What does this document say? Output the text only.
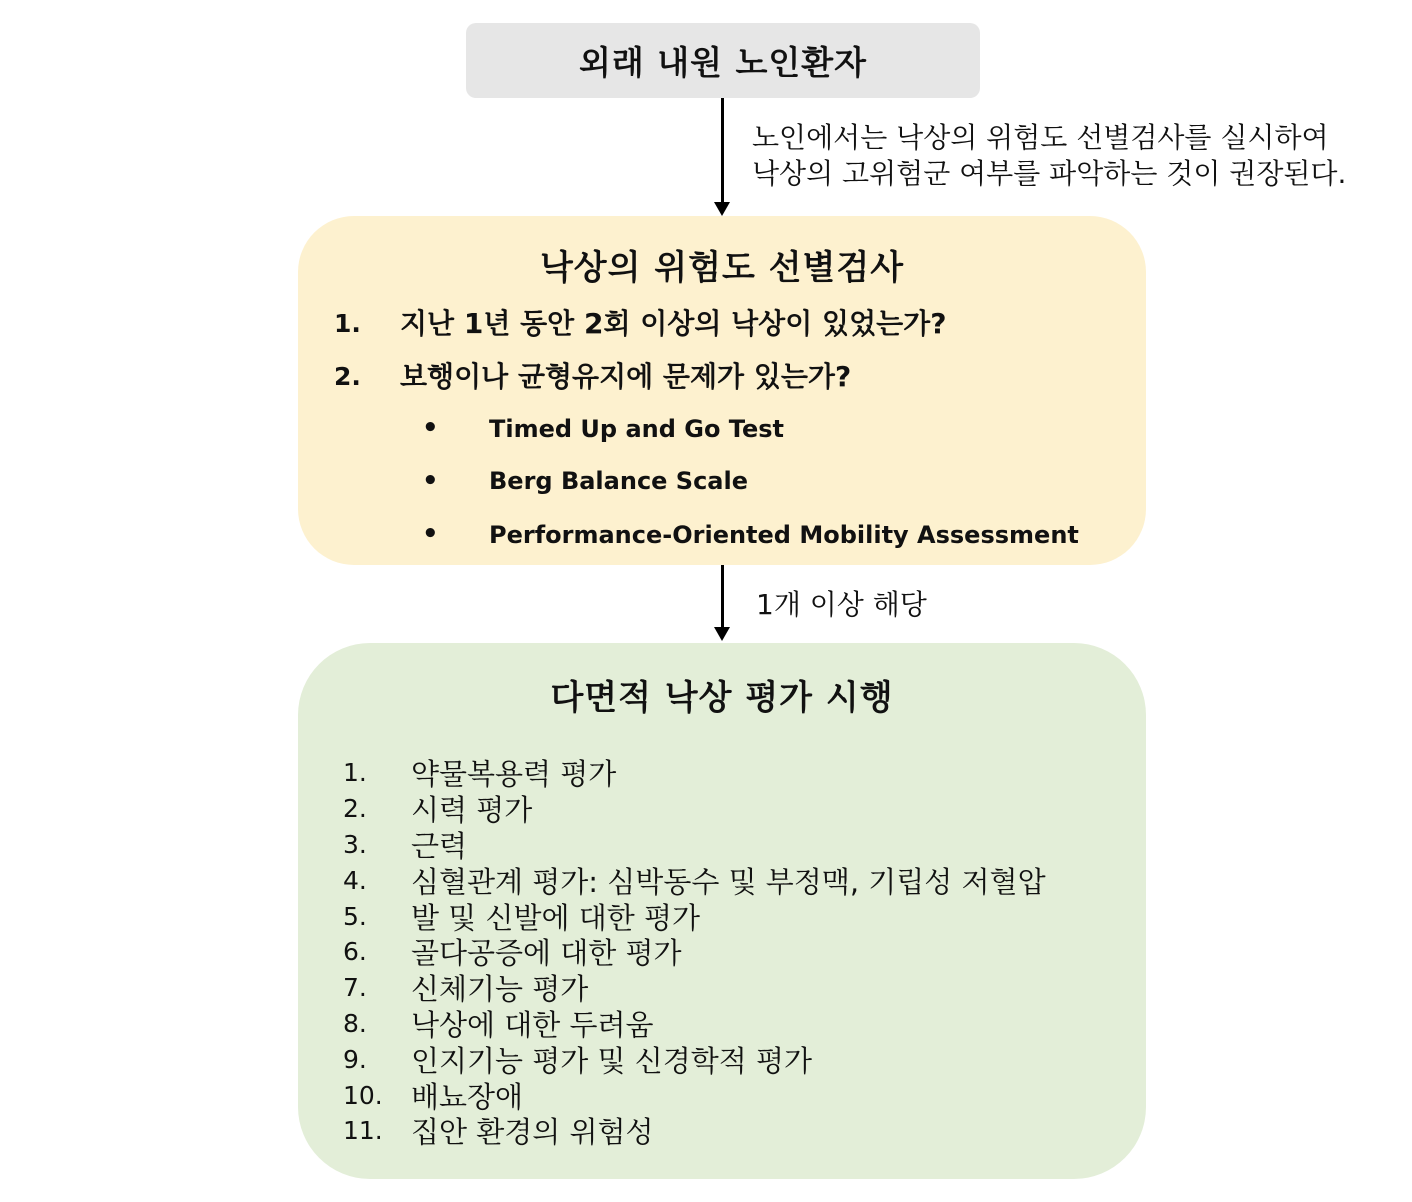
외래 내원 노인환자
노인에서는 낙상의 위험도 선별검사를 실시하여
낙상의 고위험군 여부를 파악하는 것이 권장된다.
낙상의 위험도 선별검사
1. 지난 1년 동안 2회 이상의 낙상이 있었는가?
2. 보행이나 균형유지에 문제가 있는가?
• Timed Up and Go Test
• Berg Balance Scale
• Performance-Oriented Mobility Assessment
1개 이상 해당
다면적 낙상 평가 시행
1.	약물복용력 평가
2.	시력 평가
3.	근력
4.	심혈관계 평가: 심박동수 및 부정맥, 기립성 저혈압
5.	발 및 신발에 대한 평가
6.	골다공증에 대한 평가
7.	신체기능 평가
8.	낙상에 대한 두려움
9.	인지기능 평가 및 신경학적 평가
10. 배뇨장애
11. 집안 환경의 위험성
